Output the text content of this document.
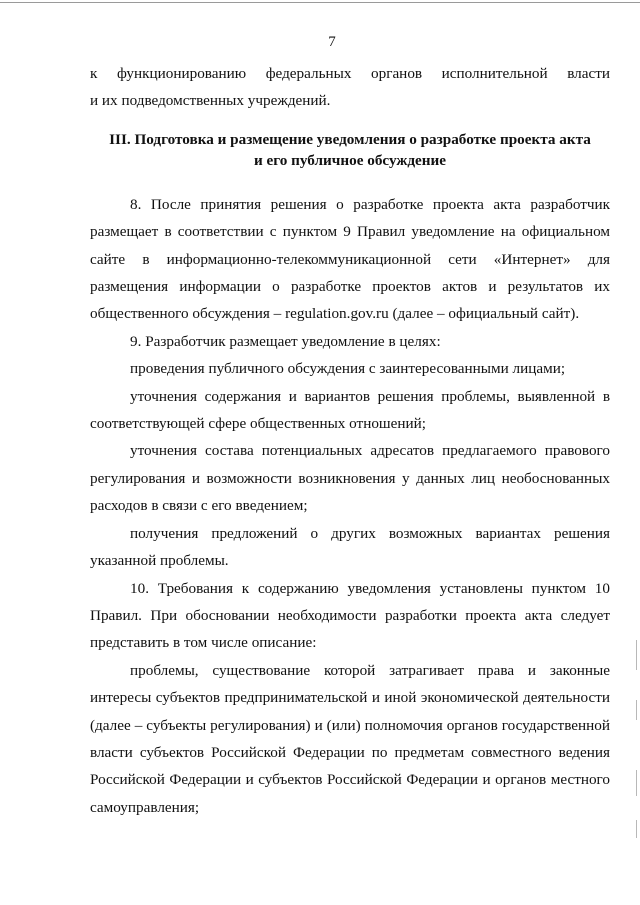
7

к функционированию федеральных органов исполнительной власти

и их подведомственных учреждений.

III. Подготовка и размещение уведомления о разработке проекта акта
и его публичное обсуждение

8. После принятия решения о разработке проекта акта разработчик размещает в соответствии с пунктом 9 Правил уведомление на официальном сайте в информационно-телекоммуникационной сети «Интернет» для размещения информации о разработке проектов актов и результатов их общественного обсуждения – regulation.gov.ru (далее – официальный сайт).

9. Разработчик размещает уведомление в целях:

проведения публичного обсуждения с заинтересованными лицами;

уточнения содержания и вариантов решения проблемы, выявленной в соответствующей сфере общественных отношений;

уточнения состава потенциальных адресатов предлагаемого правового регулирования и возможности возникновения у данных лиц необоснованных расходов в связи с его введением;

получения предложений о других возможных вариантах решения указанной проблемы.

10. Требования к содержанию уведомления установлены пунктом 10 Правил. При обосновании необходимости разработки проекта акта следует представить в том числе описание:

проблемы, существование которой затрагивает права и законные интересы субъектов предпринимательской и иной экономической деятельности (далее – субъекты регулирования) и (или) полномочия органов государственной власти субъектов Российской Федерации по предметам совместного ведения Российской Федерации и субъектов Российской Федерации и органов местного самоуправления;
